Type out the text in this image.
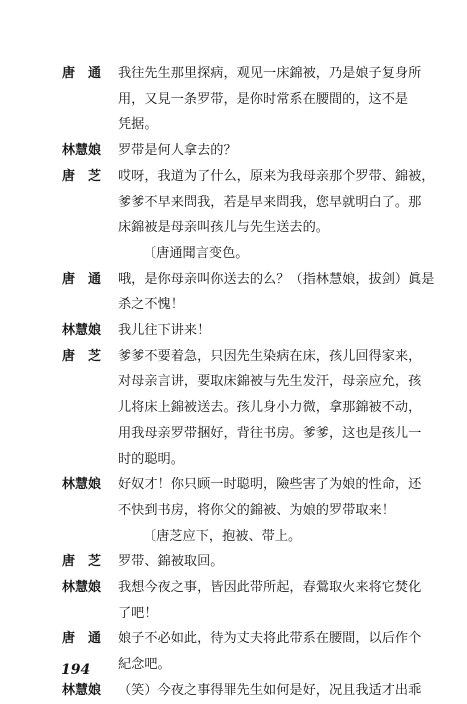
唐　通 我往先生那里探病，观见一床錦被，乃是娘子复身所
用，又見一条罗带，是你时常系在腰間的，这不是
凭据。
林慧娘 罗带是何人拿去的？
唐　芝 哎呀，我道为了什么，原来为我母亲那个罗带、錦被，
爹爹不早来問我，若是早来問我，您早就明白了。那
床錦被是母亲叫孩儿与先生送去的。
〔唐通聞言变色。
唐　通 哦，是你母亲叫你送去的么？（指林慧娘，拔剑）眞是
杀之不愧！
林慧娘 我儿往下讲来！
唐　芝 爹爹不要着急，只因先生染病在床，孩儿回得家来，
对母亲言讲，要取床錦被与先生发汗，母亲应允，孩
儿将床上錦被送去。孩儿身小力微，拿那錦被不动，
用我母亲罗带捆好，背往书房。爹爹，这也是孩儿一
时的聪明。
林慧娘 好奴才！你只顾一时聪明，險些害了为娘的性命，还
不快到书房，将你父的錦被、为娘的罗带取来！
〔唐芝应下，抱被、带上。
唐　芝 罗带、錦被取回。
林慧娘 我想今夜之事，皆因此带所起，春鶯取火来将它焚化
了吧！
唐　通 娘子不必如此，待为丈夫将此带系在腰間，以后作个
紀念吧。
林慧娘 （笑）今夜之事得罪先生如何是好，况且我适才出乖
194
